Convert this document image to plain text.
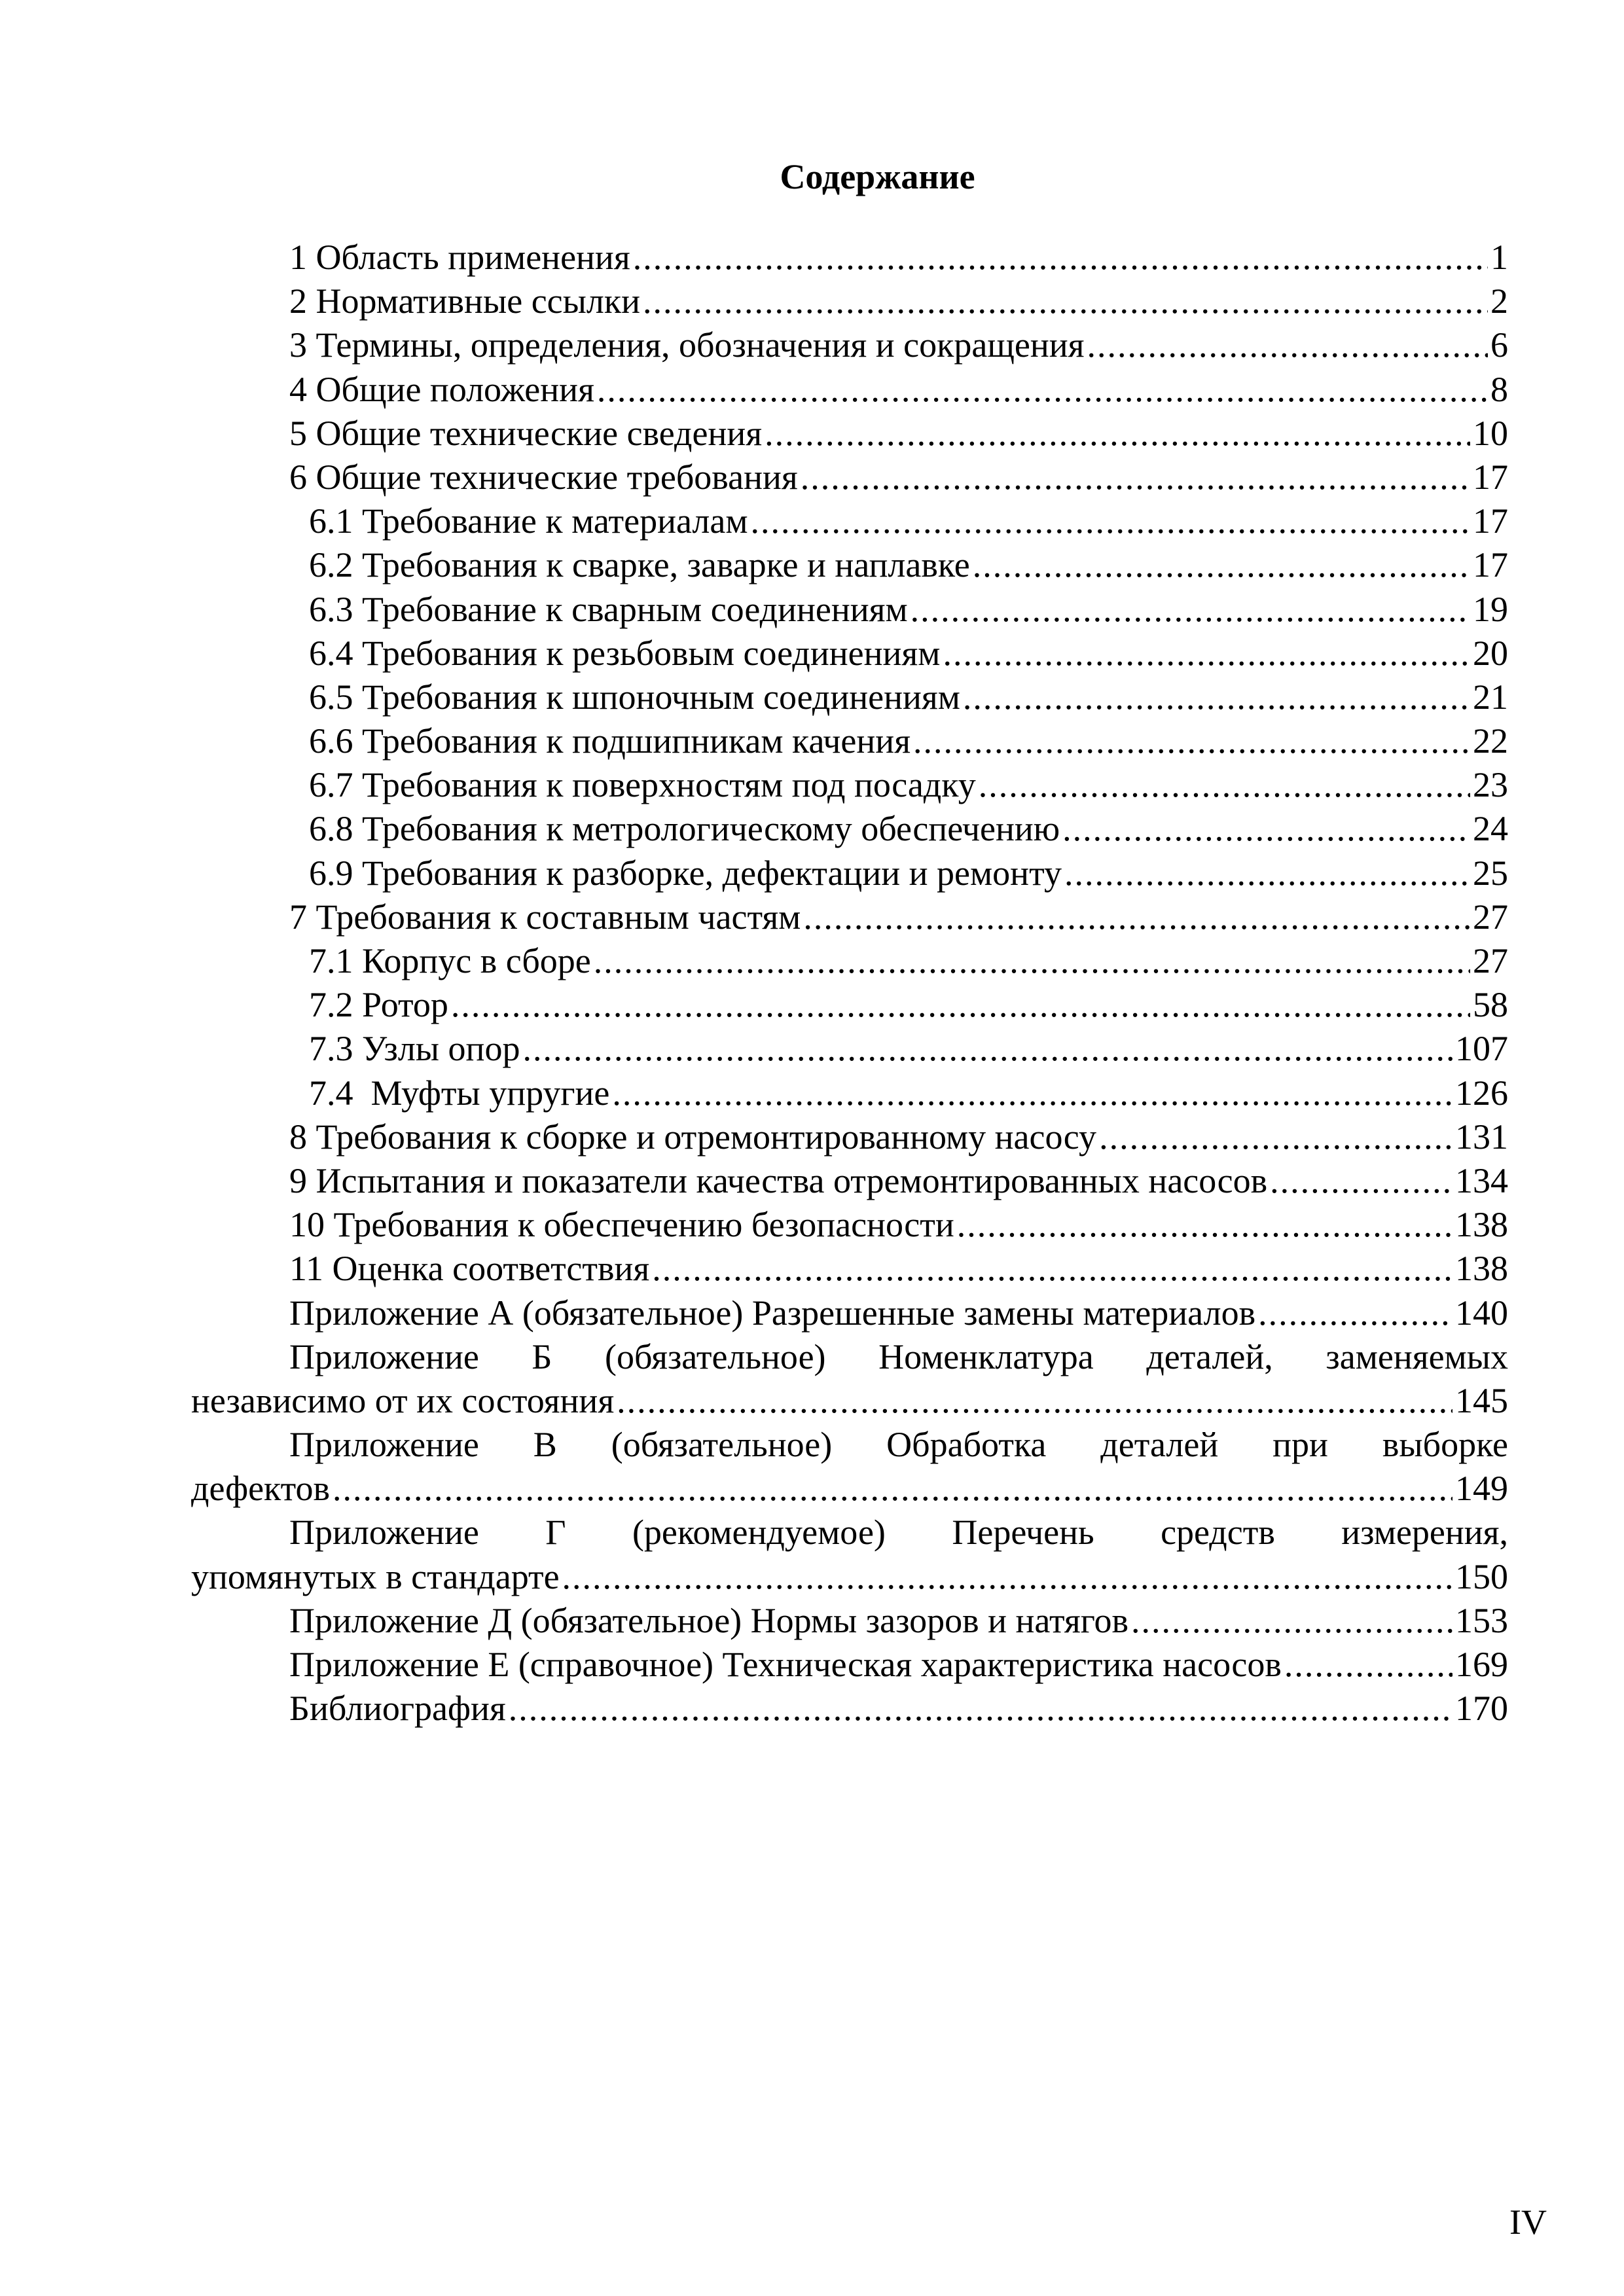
Содержание
1 Область применения .....	1
2 Нормативные ссылки .....	2
3 Термины, определения, обозначения и сокращения .....	6
4 Общие положения .....	8
5 Общие технические сведения .....	10
6 Общие технические требования .....	17
6.1 Требование к материалам .....	17
6.2 Требования к сварке, заварке и наплавке .....	17
6.3 Требование к сварным соединениям .....	19
6.4 Требования к резьбовым соединениям .....	20
6.5 Требования к шпоночным соединениям .....	21
6.6 Требования к подшипникам качения .....	22
6.7 Требования к поверхностям под посадку .....	23
6.8 Требования к метрологическому обеспечению .....	24
6.9 Требования к разборке, дефектации и ремонту .....	25
7 Требования к составным частям .....	27
7.1 Корпус в сборе .....	27
7.2 Ротор .....	58
7.3 Узлы опор .....	107
7.4  Муфты упругие .....	126
8 Требования к сборке и отремонтированному насосу .....	131
9 Испытания и показатели качества отремонтированных насосов .....	134
10 Требования к обеспечению безопасности .....	138
11 Оценка соответствия .....	138
Приложение А (обязательное) Разрешенные замены материалов .....	140
Приложение Б (обязательное) Номенклатура деталей, заменяемых
независимо от их состояния .....	145
Приложение В (обязательное) Обработка деталей при выборке
дефектов .....	149
Приложение Г (рекомендуемое) Перечень средств измерения,
упомянутых в стандарте .....	150
Приложение Д (обязательное) Нормы зазоров и натягов .....	153
Приложение Е (справочное) Техническая характеристика насосов .....	169
Библиография .....	170
IV
